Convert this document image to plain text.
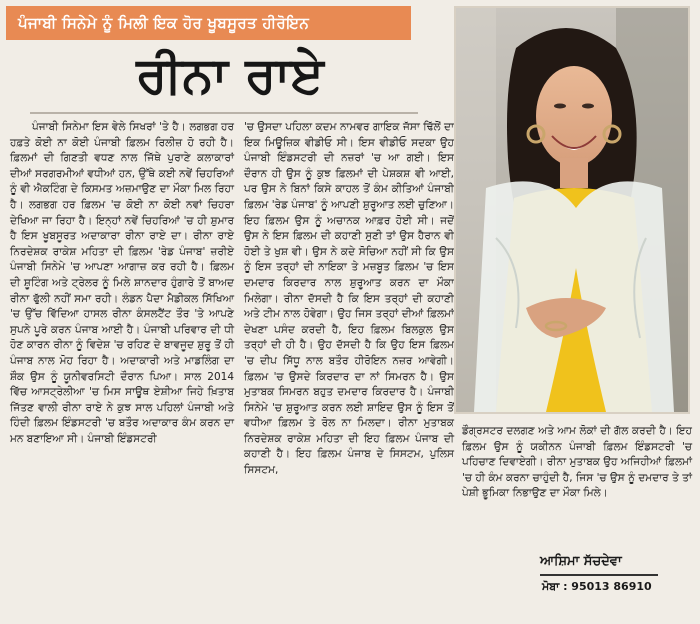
ਪੰਜਾਬੀ ਸਿਨੇਮੇ ਨੂੰ ਮਿਲੀ ਇਕ ਹੋਰ ਖੂਬਸੂਰਤ ਹੀਰੋਇਨ
ਰੀਨਾ ਰਾਏ

ਪੰਜਾਬੀ ਸਿਨੇਮਾ ਇਸ ਵੇਲੇ ਸਿਖਰਾਂ 'ਤੇ ਹੈ। ਲਗਭਗ ਹਰ ਹਫ਼ਤੇ ਕੋਈ ਨਾ ਕੋਈ ਪੰਜਾਬੀ ਫ਼ਿਲਮ ਰਿਲੀਜ਼ ਹੋ ਰਹੀ ਹੈ। ਫ਼ਿਲਮਾਂ ਦੀ ਗਿਣਤੀ ਵਧਣ ਨਾਲ ਜਿੱਥੇ ਪੁਰਾਣੇ ਕਲਾਕਾਰਾਂ ਦੀਆਂ ਸਰਗਰਮੀਆਂ ਵਧੀਆਂ ਹਨ, ਉੱਥੇ ਕਈ ਨਵੇਂ ਚਿਹਰਿਆਂ ਨੂੰ ਵੀ ਐਕਟਿੰਗ ਦੇ ਕਿਸਮਤ ਅਜ਼ਮਾਉਣ ਦਾ ਮੌਕਾ ਮਿਲ ਰਿਹਾ ਹੈ। ਲਗਭਗ ਹਰ ਫ਼ਿਲਮ 'ਚ ਕੋਈ ਨਾ ਕੋਈ ਨਵਾਂ ਚਿਹਰਾ ਦੇਖਿਆ ਜਾ ਰਿਹਾ ਹੈ। ਇਨ੍ਹਾਂ ਨਵੇਂ ਚਿਹਰਿਆਂ 'ਚ ਹੀ ਸ਼ੁਮਾਰ ਹੈ ਇਸ ਖੂਬਸੂਰਤ ਅਦਾਕਾਰਾ ਰੀਨਾ ਰਾਏ ਦਾ। ਰੀਨਾ ਰਾਏ ਨਿਰਦੇਸ਼ਕ ਰਾਕੇਸ਼ ਮਹਿਤਾ ਦੀ ਫ਼ਿਲਮ 'ਰੇਡ ਪੰਜਾਬ' ਜ਼ਰੀਏ ਪੰਜਾਬੀ ਸਿਨੇਮੇ 'ਚ ਆਪਣਾ ਆਗਾਜ਼ ਕਰ ਰਹੀ ਹੈ। ਫ਼ਿਲਮ ਦੀ ਸ਼ੂਟਿੰਗ ਅਤੇ ਟ੍ਰੇਲਰ ਨੂੰ ਮਿਲੇ ਸ਼ਾਨਦਾਰ ਹੁੰਗਾਰੇ ਤੋਂ ਬਾਅਦ ਰੀਨਾ ਫੁੱਲੀ ਨਹੀਂ ਸਮਾ ਰਹੀ। ਲੰਡਨ ਪੈਦਾ ਮੈਡੀਕਲ ਸਿੱਖਿਆ 'ਚ ਉੱਚ ਵਿੱਦਿਆ ਹਾਸਲ ਰੀਨਾ ਕੰਸਲਟੈਂਟ ਤੌਰ 'ਤੇ ਆਪਣੇ ਸੁਪਨੇ ਪੂਰੇ ਕਰਨ ਪੰਜਾਬ ਆਈ ਹੈ। ਪੰਜਾਬੀ ਪਰਿਵਾਰ ਦੀ ਧੀ ਹੋਣ ਕਾਰਨ ਰੀਨਾ ਨੂੰ ਵਿਦੇਸ਼ 'ਚ ਰਹਿਣ ਦੇ ਬਾਵਜੂਦ ਸ਼ੁਰੂ ਤੋਂ ਹੀ ਪੰਜਾਬ ਨਾਲ ਮੋਹ ਰਿਹਾ ਹੈ। ਅਦਾਕਾਰੀ ਅਤੇ ਮਾਡਲਿੰਗ ਦਾ ਸ਼ੌਕ ਉਸ ਨੂੰ ਯੂਨੀਵਰਸਿਟੀ ਦੌਰਾਨ ਪਿਆ। ਸਾਲ 2014 ਵਿੱਚ ਆਸਟ੍ਰੇਲੀਆ 'ਚ ਮਿਸ ਸਾਊਥ ਏਸ਼ੀਆ ਜਿਹੇ ਖ਼ਿਤਾਬ ਜਿੱਤਣ ਵਾਲੀ ਰੀਨਾ ਰਾਏ ਨੇ ਕੁਝ ਸਾਲ ਪਹਿਲਾਂ ਪੰਜਾਬੀ ਅਤੇ ਹਿੰਦੀ ਫ਼ਿਲਮ ਇੰਡਸਟਰੀ 'ਚ ਬਤੌਰ ਅਦਾਕਾਰ ਕੰਮ ਕਰਨ ਦਾ ਮਨ ਬਣਾਇਆ ਸੀ। ਪੰਜਾਬੀ ਇੰਡਸਟਰੀ

'ਚ ਉਸਦਾ ਪਹਿਲਾ ਕਦਮ ਨਾਮਵਰ ਗਾਇਕ ਜੱਸਾ ਢਿੱਲੋਂ ਦਾ ਇਕ ਮਿਊਜ਼ਿਕ ਵੀਡੀਓ ਸੀ। ਇਸ ਵੀਡੀਓ ਸਦਕਾ ਉਹ ਪੰਜਾਬੀ ਇੰਡਸਟਰੀ ਦੀ ਨਜ਼ਰਾਂ 'ਚ ਆ ਗਈ। ਇਸ ਦੌਰਾਨ ਹੀ ਉਸ ਨੂੰ ਕੁਝ ਫ਼ਿਲਮਾਂ ਦੀ ਪੇਸ਼ਕਸ਼ ਵੀ ਆਈ, ਪਰ ਉਸ ਨੇ ਬਿਨਾਂ ਕਿਸੇ ਕਾਹਲ ਤੋਂ ਕੰਮ ਕੀਤਿਆਂ ਪੰਜਾਬੀ ਫ਼ਿਲਮ 'ਰੇਡ ਪੰਜਾਬ' ਨੂੰ ਆਪਣੀ ਸ਼ੁਰੂਆਤ ਲਈ ਚੁਣਿਆ। ਇਹ ਫ਼ਿਲਮ ਉਸ ਨੂੰ ਅਚਾਨਕ ਆਫ਼ਰ ਹੋਈ ਸੀ। ਜਦੋਂ ਉਸ ਨੇ ਇਸ ਫ਼ਿਲਮ ਦੀ ਕਹਾਣੀ ਸੁਣੀ ਤਾਂ ਉਸ ਹੈਰਾਨ ਵੀ ਹੋਈ ਤੇ ਖੁਸ਼ ਵੀ। ਉਸ ਨੇ ਕਦੇ ਸੋਚਿਆ ਨਹੀਂ ਸੀ ਕਿ ਉਸ ਨੂੰ ਇਸ ਤਰ੍ਹਾਂ ਦੀ ਨਾਇਕਾ ਤੇ ਮਜ਼ਬੂਤ ਫ਼ਿਲਮ 'ਚ ਇਸ ਦਮਦਾਰ ਕਿਰਦਾਰ ਨਾਲ ਸ਼ੁਰੂਆਤ ਕਰਨ ਦਾ ਮੌਕਾ ਮਿਲੇਗਾ। ਰੀਨਾ ਦੱਸਦੀ ਹੈ ਕਿ ਇਸ ਤਰ੍ਹਾਂ ਦੀ ਕਹਾਣੀ ਅਤੇ ਟੀਮ ਨਾਲ ਹੋਵੇਗਾ। ਉਹ ਜਿਸ ਤਰ੍ਹਾਂ ਦੀਆਂ ਫ਼ਿਲਮਾਂ ਦੇਖਣਾ ਪਸੰਦ ਕਰਦੀ ਹੈ, ਇਹ ਫ਼ਿਲਮ ਬਿਲਕੁਲ ਉਸ ਤਰ੍ਹਾਂ ਦੀ ਹੀ ਹੈ। ਉਹ ਦੱਸਦੀ ਹੈ ਕਿ ਉਹ ਇਸ ਫ਼ਿਲਮ 'ਚ ਦੀਪ ਸਿੱਧੂ ਨਾਲ ਬਤੌਰ ਹੀਰੋਇਨ ਨਜ਼ਰ ਆਵੇਗੀ। ਫ਼ਿਲਮ 'ਚ ਉਸਦੇ ਕਿਰਦਾਰ ਦਾ ਨਾਂ ਸਿਮਰਨ ਹੈ। ਉਸ ਮੁਤਾਬਕ ਸਿਮਰਨ ਬਹੁਤ ਦਮਦਾਰ ਕਿਰਦਾਰ ਹੈ। ਪੰਜਾਬੀ ਸਿਨੇਮੇ 'ਚ ਸ਼ੁਰੂਆਤ ਕਰਨ ਲਈ ਸ਼ਾਇਦ ਉਸ ਨੂੰ ਇਸ ਤੋਂ ਵਧੀਆ ਫ਼ਿਲਮ ਤੇ ਰੋਲ ਨਾ ਮਿਲਦਾ। ਰੀਨਾ ਮੁਤਾਬਕ ਨਿਰਦੇਸ਼ਕ ਰਾਕੇਸ਼ ਮਹਿਤਾ ਦੀ ਇਹ ਫ਼ਿਲਮ ਪੰਜਾਬ ਦੀ ਕਹਾਣੀ ਹੈ। ਇਹ ਫ਼ਿਲਮ ਪੰਜਾਬ ਦੇ ਸਿਸਟਮ, ਪੁਲਿਸ ਸਿਸਟਮ,

ਡੌਗ੍ਰਸਟਰ ਦਲਗਣ ਅਤੇ ਆਮ ਲੋਕਾਂ ਦੀ ਗੱਲ ਕਰਦੀ ਹੈ। ਇਹ ਫ਼ਿਲਮ ਉਸ ਨੂੰ ਯਕੀਨਨ ਪੰਜਾਬੀ ਫ਼ਿਲਮ ਇੰਡਸਟਰੀ 'ਚ ਪਹਿਚਾਣ ਦਿਵਾਏਗੀ। ਰੀਨਾ ਮੁਤਾਬਕ ਉਹ ਅਜਿਹੀਆਂ ਫ਼ਿਲਮਾਂ 'ਚ ਹੀ ਕੰਮ ਕਰਨਾ ਚਾਹੁੰਦੀ ਹੈ, ਜਿਸ 'ਚ ਉਸ ਨੂੰ ਦਮਦਾਰ ਤੇ ਤਾਂ ਪੇਸ਼ੀ ਭੂਮਿਕਾ ਨਿਭਾਉਣ ਦਾ ਮੌਕਾ ਮਿਲੇ।

ਆਸ਼ਿਮਾ ਸੱਚਦੇਵਾ
ਮੋਬਾ : 95013 86910
